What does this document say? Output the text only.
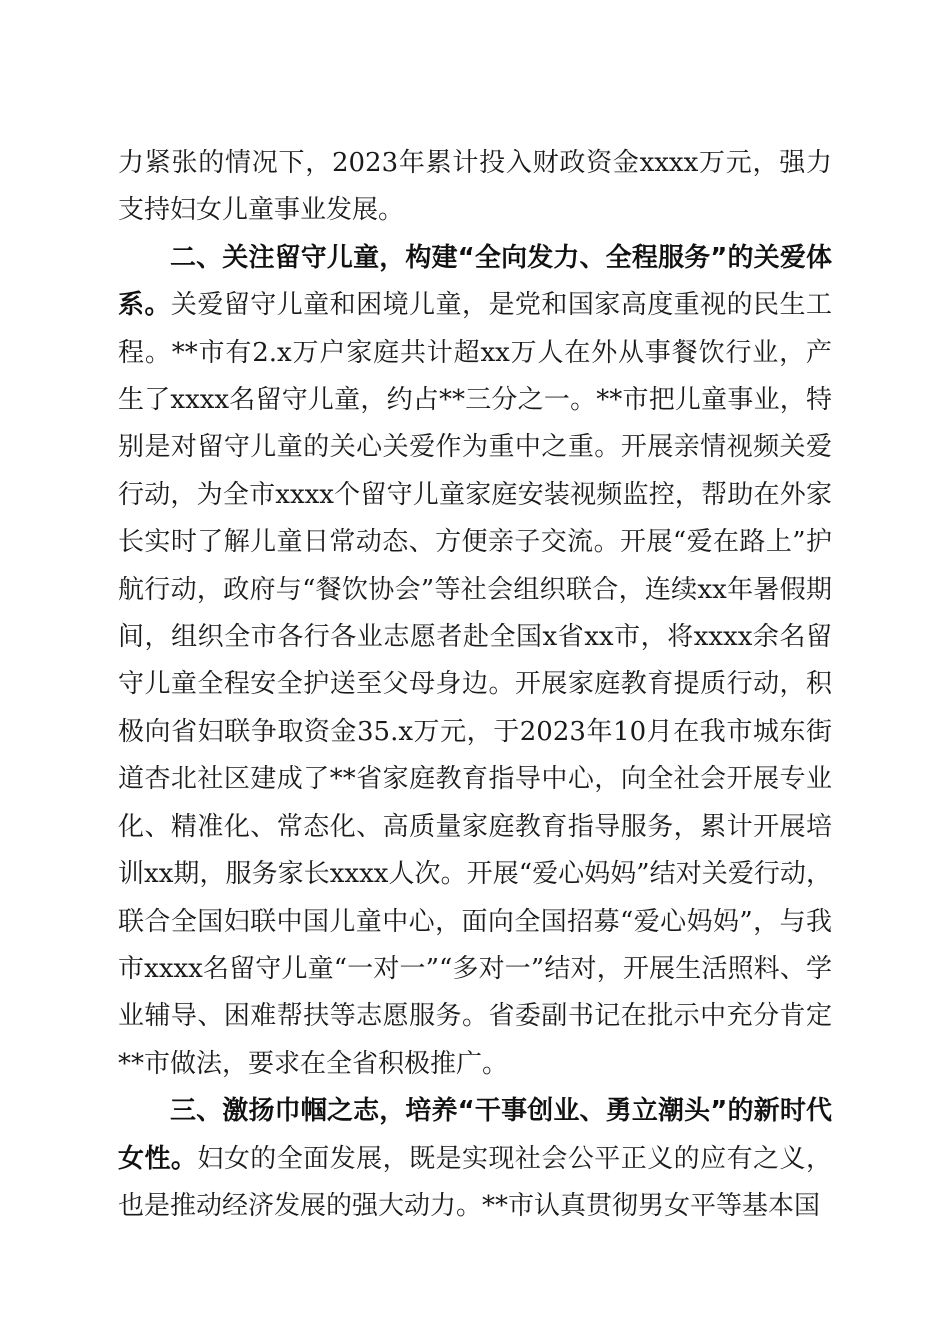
力紧张的情况下，2023年累计投入财政资金xxxx万元，强力支持妇女儿童事业发展。

二、关注留守儿童，构建“全向发力、全程服务”的关爱体系。关爱留守儿童和困境儿童，是党和国家高度重视的民生工程。**市有2.x万户家庭共计超xx万人在外从事餐饮行业，产生了xxxx名留守儿童，约占**三分之一。**市把儿童事业，特别是对留守儿童的关心关爱作为重中之重。开展亲情视频关爱行动，为全市xxxx个留守儿童家庭安装视频监控，帮助在外家长实时了解儿童日常动态、方便亲子交流。开展“爱在路上”护航行动，政府与“餐饮协会”等社会组织联合，连续xx年暑假期间，组织全市各行各业志愿者赴全国x省xx市，将xxxx余名留守儿童全程安全护送至父母身边。开展家庭教育提质行动，积极向省妇联争取资金35.x万元，于2023年10月在我市城东街道杏北社区建成了**省家庭教育指导中心，向全社会开展专业化、精准化、常态化、高质量家庭教育指导服务，累计开展培训xx期，服务家长xxxx人次。开展“爱心妈妈”结对关爱行动，联合全国妇联中国儿童中心，面向全国招募“爱心妈妈”，与我市xxxx名留守儿童“一对一”“多对一”结对，开展生活照料、学业辅导、困难帮扶等志愿服务。省委副书记在批示中充分肯定**市做法，要求在全省积极推广。

三、激扬巾帼之志，培养“干事创业、勇立潮头”的新时代女性。妇女的全面发展，既是实现社会公平正义的应有之义，也是推动经济发展的强大动力。**市认真贯彻男女平等基本国
